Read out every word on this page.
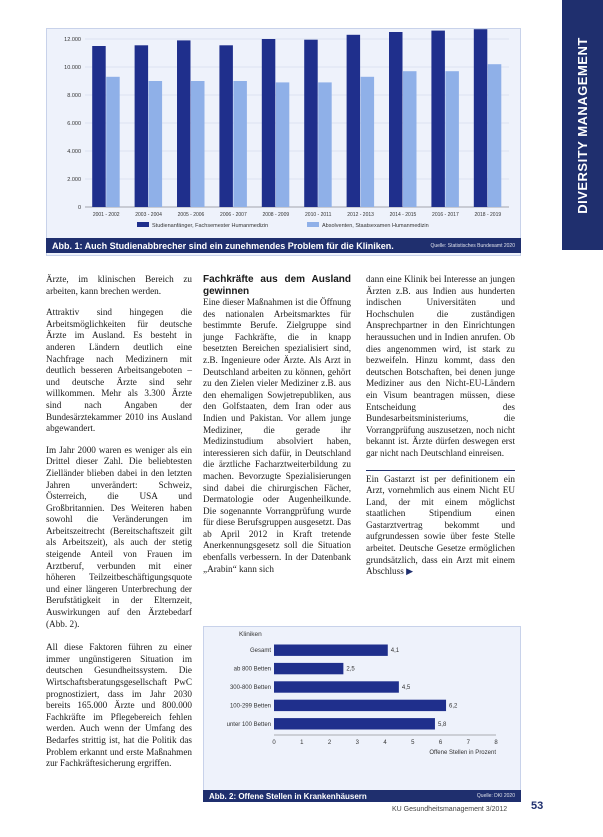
12.000
10.000
8.000
6.000
4.000
2.000
0
2001 - 2002	2003 - 2004	2005 - 2006	2006 - 2007	2008 - 2009	2010 - 2011	2012 - 2013	2014 - 2015	2016 - 2017	2018 - 2019
Studienanfänger, Fachsemester Humanmedizin	Absolventen, Staatsexamen Humanmedizin
Abb. 1: Auch Studienabbrecher sind ein zunehmendes Problem für die Kliniken.	Quelle: Statistisches Bundesamt 2020
DIVERSITY MANAGEMENT

Ärzte, im klinischen Bereich zu arbeiten, kann brechen werden.

Attraktiv sind hingegen die Arbeitsmöglichkeiten für deutsche Ärzte im Ausland. Es besteht in anderen Ländern deutlich eine Nachfrage nach Medizinern mit deutlich besseren Arbeitsangeboten – und deutsche Ärzte sind sehr willkommen. Mehr als 3.300 Ärzte sind nach Angaben der Bundesärztekammer 2010 ins Ausland abgewandert.

Im Jahr 2000 waren es weniger als ein Drittel dieser Zahl. Die beliebtesten Zielländer blieben dabei in den letzten Jahren unverändert: Schweiz, Österreich, die USA und Großbritannien. Des Weiteren haben sowohl die Veränderungen im Arbeitszeitrecht (Bereitschaftszeit gilt als Arbeitszeit), als auch der stetig steigende Anteil von Frauen im Arztberuf, verbunden mit einer höheren Teilzeitbeschäftigungsquote und einer längeren Unterbrechung der Berufstätigkeit in der Elternzeit, Auswirkungen auf den Ärztebedarf (Abb. 2).

All diese Faktoren führen zu einer immer ungünstigeren Situation im deutschen Gesundheitssystem. Die Wirtschaftsberatungsgesellschaft PwC prognostiziert, dass im Jahr 2030 bereits 165.000 Ärzte und 800.000 Fachkräfte im Pflegebereich fehlen werden. Auch wenn der Umfang des Bedarfes strittig ist, hat die Politik das Problem erkannt und erste Maßnahmen zur Fachkräftesicherung ergriffen.

Fachkräfte aus dem Ausland gewinnen

Eine dieser Maßnahmen ist die Öffnung des nationalen Arbeitsmarktes für bestimmte Berufe. Zielgruppe sind junge Fachkräfte, die in knapp besetzten Bereichen spezialisiert sind, z.B. Ingenieure oder Ärzte. Als Arzt in Deutschland arbeiten zu können, gehört zu den Zielen vieler Mediziner z.B. aus den ehemaligen Sowjetrepubliken, aus den Golfstaaten, dem Iran oder aus Indien und Pakistan. Vor allem junge Mediziner, die gerade ihr Medizinstudium absolviert haben, interessieren sich dafür, in Deutschland die ärztliche Facharztweiterbildung zu machen. Bevorzugte Spezialisierungen sind dabei die chirurgischen Fächer, Dermatologie oder Augenheilkunde. Die sogenannte Vorrangprüfung wurde für diese Berufsgruppen ausgesetzt. Das ab April 2012 in Kraft tretende Anerkennungsgesetz soll die Situation ebenfalls verbessern. In der Datenbank „Arabin“ kann sich

dann eine Klinik bei Interesse an jungen Ärzten z.B. aus Indien aus hunderten indischen Universitäten und Hochschulen die zuständigen Ansprechpartner in den Einrichtungen heraussuchen und in Indien anrufen. Ob dies angenommen wird, ist stark zu bezweifeln. Hinzu kommt, dass den deutschen Botschaften, bei denen junge Mediziner aus den Nicht-EU-Ländern ein Visum beantragen müssen, diese Entscheidung des Bundesarbeitsministeriums, die Vorrangprüfung auszusetzen, noch nicht bekannt ist. Ärzte dürfen deswegen erst gar nicht nach Deutschland einreisen.

Ein Gastarzt ist per definitionem ein Arzt, vornehmlich aus einem Nicht EU Land, der mit einem möglichst staatlichen Stipendium einen Gastarztvertrag bekommt und aufgrundessen sowie über feste Stelle arbeitet. Deutsche Gesetze ermöglichen grundsätzlich, dass ein Arzt mit einem Abschluss ▶

Kliniken
Gesamt	4,1
ab 800 Betten	2,5
300-800 Betten	4,5
100-299 Betten	6,2
unter 100 Betten	5,8
0	1	2	3	4	5	6	7	8
Offene Stellen in Prozent
Abb. 2: Offene Stellen in Krankenhäusern	Quelle: DKI 2020
KU Gesundheitsmanagement 3/2012 53
